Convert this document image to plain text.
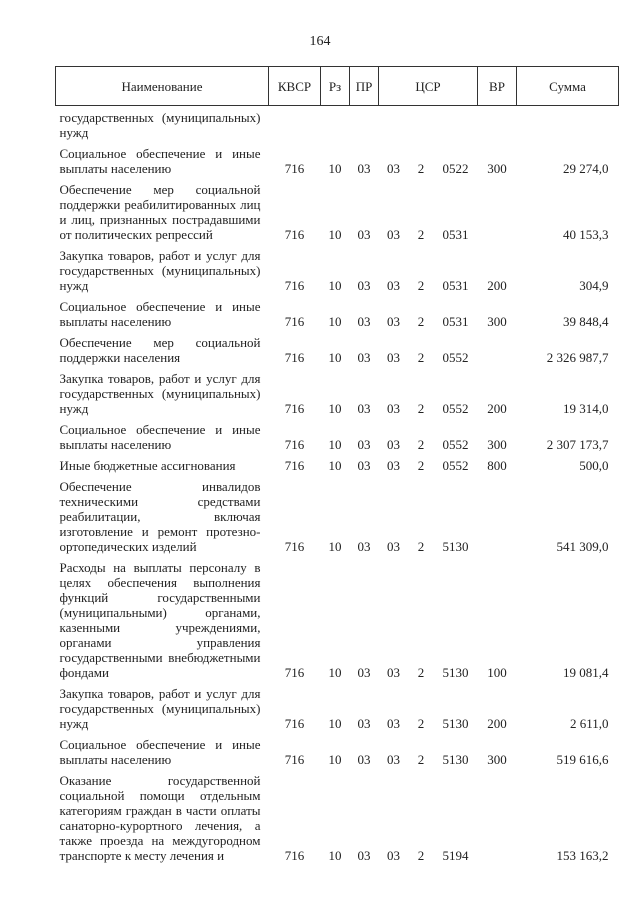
164
Наименование	КВСР	Рз	ПР	ЦСР			ВР	Сумма
государственных (муниципальных) нужд								
Социальное обеспечение и иные выплаты населению	716	10	03	03	2	0522	300	29 274,0
Обеспечение мер социальной поддержки реабилитированных лиц и лиц, признанных пострадавшими от политических репрессий	716	10	03	03	2	0531		40 153,3
Закупка товаров, работ и услуг для государственных (муниципальных) нужд	716	10	03	03	2	0531	200	304,9
Социальное обеспечение и иные выплаты населению	716	10	03	03	2	0531	300	39 848,4
Обеспечение мер социальной поддержки населения	716	10	03	03	2	0552		2 326 987,7
Закупка товаров, работ и услуг для государственных (муниципальных) нужд	716	10	03	03	2	0552	200	19 314,0
Социальное обеспечение и иные выплаты населению	716	10	03	03	2	0552	300	2 307 173,7
Иные бюджетные ассигнования	716	10	03	03	2	0552	800	500,0
Обеспечение инвалидов техническими средствами реабилитации, включая изготовление и ремонт протезно-ортопедических изделий	716	10	03	03	2	5130		541 309,0
Расходы на выплаты персоналу в целях обеспечения выполнения функций государственными (муниципальными) органами, казенными учреждениями, органами управления государственными внебюджетными фондами	716	10	03	03	2	5130	100	19 081,4
Закупка товаров, работ и услуг для государственных (муниципальных) нужд	716	10	03	03	2	5130	200	2 611,0
Социальное обеспечение и иные выплаты населению	716	10	03	03	2	5130	300	519 616,6
Оказание государственной социальной помощи отдельным категориям граждан в части оплаты санаторно-курортного лечения, а также проезда на междугородном транспорте к месту лечения и	716	10	03	03	2	5194		153 163,2
